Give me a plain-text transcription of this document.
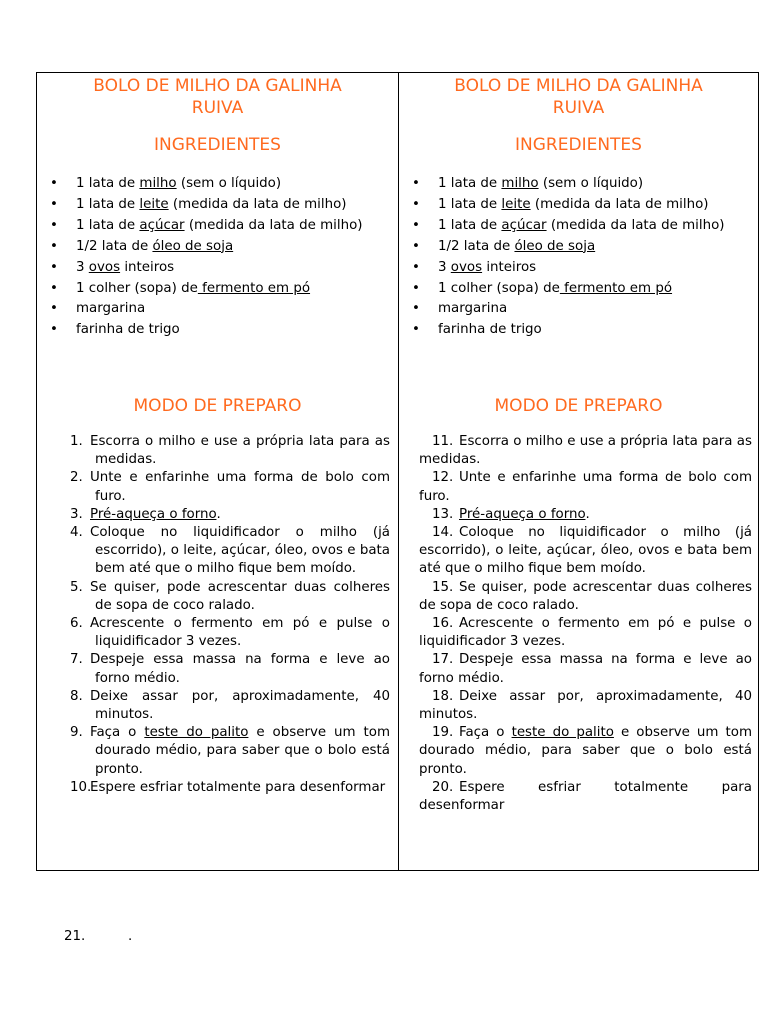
BOLO DE MILHO DA GALINHA
RUIVA
INGREDIENTES
• 1 lata de milho (sem o líquido)
• 1 lata de leite (medida da lata de milho)
• 1 lata de açúcar (medida da lata de milho)
• 1/2 lata de óleo de soja
• 3 ovos inteiros
• 1 colher (sopa) de fermento em pó
• margarina
• farinha de trigo
MODO DE PREPARO
1. Escorra o milho e use a própria lata para as medidas.
2. Unte e enfarinhe uma forma de bolo com furo.
3. Pré-aqueça o forno.
4. Coloque no liquidificador o milho (já escorrido), o leite, açúcar, óleo, ovos e bata bem até que o milho fique bem moído.
5. Se quiser, pode acrescentar duas colheres de sopa de coco ralado.
6. Acrescente o fermento em pó e pulse o liquidificador 3 vezes.
7. Despeje essa massa na forma e leve ao forno médio.
8. Deixe assar por, aproximadamente, 40 minutos.
9. Faça o teste do palito e observe um tom dourado médio, para saber que o bolo está pronto.
10.
Espere esfriar totalmente para desenformar
BOLO DE MILHO DA GALINHA
RUIVA
INGREDIENTES
• 1 lata de milho (sem o líquido)
• 1 lata de leite (medida da lata de milho)
• 1 lata de açúcar (medida da lata de milho)
• 1/2 lata de óleo de soja
• 3 ovos inteiros
• 1 colher (sopa) de fermento em pó
• margarina
• farinha de trigo
MODO DE PREPARO
11. Escorra o milho e use a própria lata para as medidas.
12. Unte e enfarinhe uma forma de bolo com furo.
13. Pré-aqueça o forno.
14. Coloque no liquidificador o milho (já escorrido), o leite, açúcar, óleo, ovos e bata bem até que o milho fique bem moído.
15. Se quiser, pode acrescentar duas colheres de sopa de coco ralado.
16. Acrescente o fermento em pó e pulse o liquidificador 3 vezes.
17. Despeje essa massa na forma e leve ao forno médio.
18. Deixe assar por, aproximadamente, 40 minutos.
19. Faça o teste do palito e observe um tom dourado médio, para saber que o bolo está pronto.
20. Espere esfriar totalmente para desenformar
21.	.
